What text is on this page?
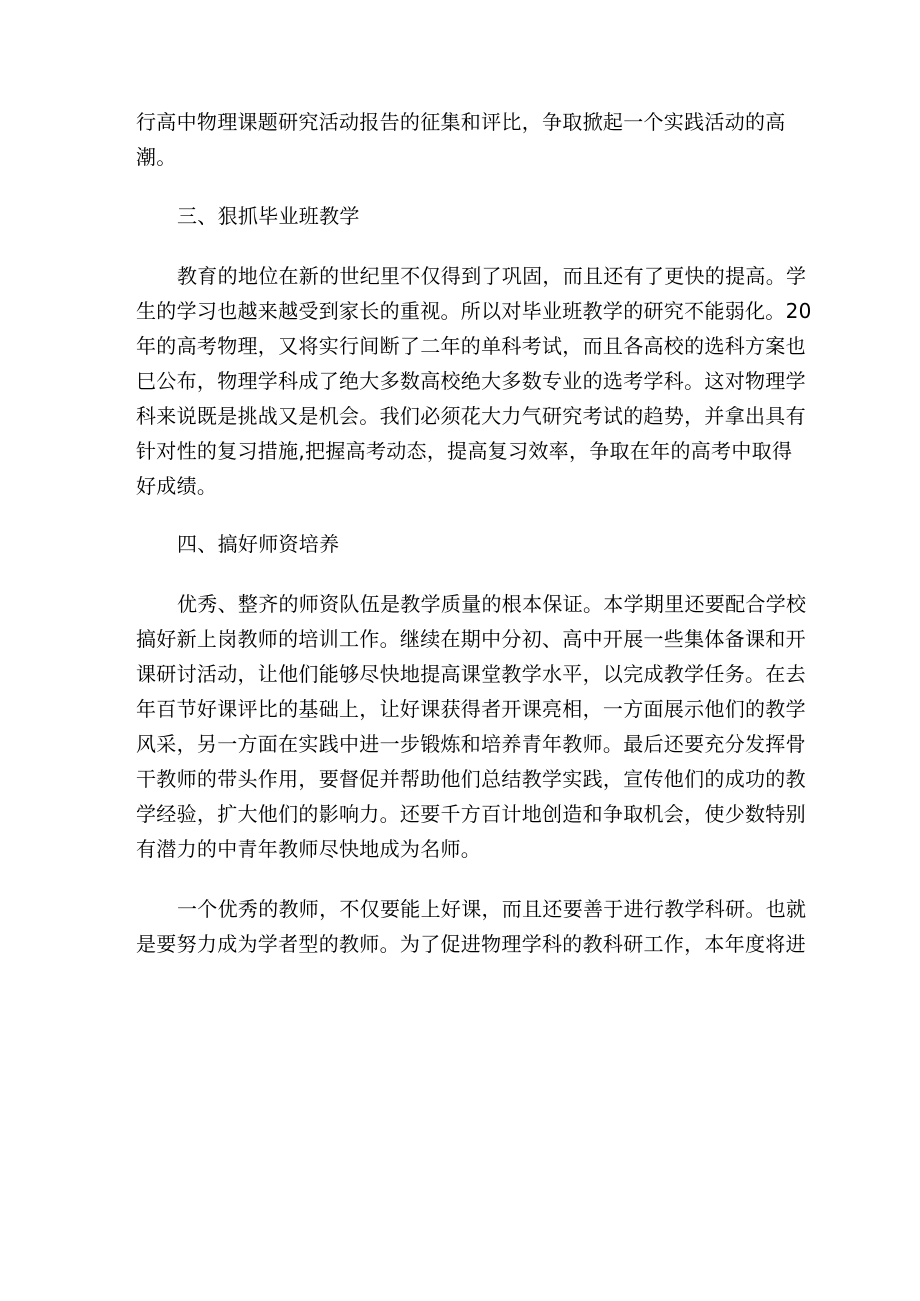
行高中物理课题研究活动报告的征集和评比，争取掀起一个实践活动的高

潮。

三、狠抓毕业班教学

教育的地位在新的世纪里不仅得到了巩固，而且还有了更快的提高。学

生的学习也越来越受到家长的重视。所以对毕业班教学的研究不能弱化。20

年的高考物理，又将实行间断了二年的单科考试，而且各高校的选科方案也

巳公布，物理学科成了绝大多数高校绝大多数专业的选考学科。这对物理学

科来说既是挑战又是机会。我们必须花大力气研究考试的趋势，并拿出具有

针对性的复习措施,把握高考动态，提高复习效率，争取在年的高考中取得

好成绩。

四、搞好师资培养

优秀、整齐的师资队伍是教学质量的根本保证。本学期里还要配合学校

搞好新上岗教师的培训工作。继续在期中分初、高中开展一些集体备课和开

课研讨活动，让他们能够尽快地提高课堂教学水平，以完成教学任务。在去

年百节好课评比的基础上，让好课获得者开课亮相，一方面展示他们的教学

风采，另一方面在实践中进一步锻炼和培养青年教师。最后还要充分发挥骨

干教师的带头作用，要督促并帮助他们总结教学实践，宣传他们的成功的教

学经验，扩大他们的影响力。还要千方百计地创造和争取机会，使少数特别

有潜力的中青年教师尽快地成为名师。

一个优秀的教师，不仅要能上好课，而且还要善于进行教学科研。也就

是要努力成为学者型的教师。为了促进物理学科的教科研工作，本年度将进
